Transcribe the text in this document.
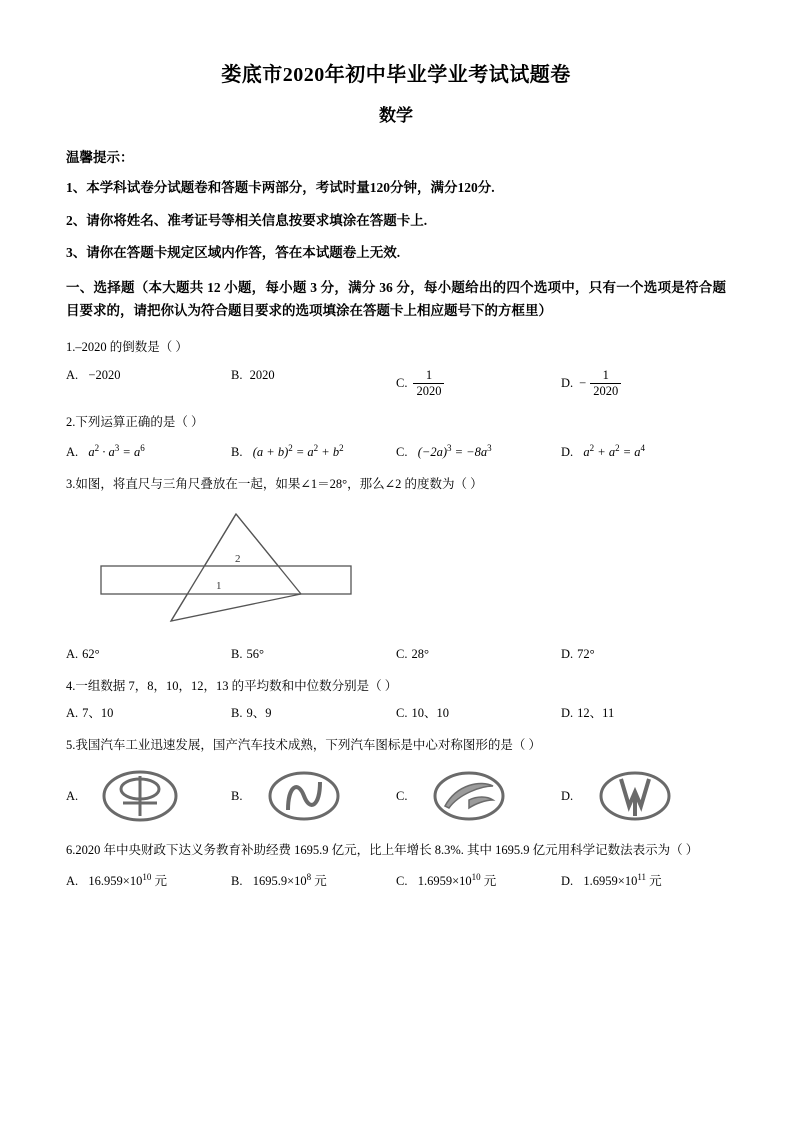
娄底市2020年初中毕业学业考试试题卷
数学

温馨提示：

1、本学科试卷分试题卷和答题卡两部分，考试时量120分钟，满分120分.

2、请你将姓名、准考证号等相关信息按要求填涂在答题卡上.

3、请你在答题卡规定区域内作答，答在本试题卷上无效.

一、选择题（本大题共 12 小题，每小题 3 分，满分 36 分，每小题给出的四个选项中，只有一个选项是符合题目要求的，请把你认为符合题目要求的选项填涂在答题卡上相应题号下的方框里）

1.–2020 的倒数是（ ）

A.  −2020	B. 2020
C. $\frac{1}{2020}$	D. − $\frac{1}{2020}$

2.下列运算正确的是（ ）

A.  $a^2 \cdot a^3 = a^6$	B.  $(a + b)^2 = a^2 + b^2$	C.  $(-2a)^3 = -8a^3$	D.  $a^2 + a^2 = a^4$

3.如图，将直尺与三角尺叠放在一起，如果∠1＝28°，那么∠2 的度数为（ ）

2
1
A. 62°	B. 56°	C. 28°	D. 72°

4.一组数据 7，8，10，12，13 的平均数和中位数分别是（ ）

A. 7、10	B. 9、9	C. 10、10	D. 12、11

5.我国汽车工业迅速发展，国产汽车技术成熟，下列汽车图标是中心对称图形的是（ ）

A.	B.	C.	D.

6.2020 年中央财政下达义务教育补助经费 1695.9 亿元，比上年增长 8.3%. 其中 1695.9 亿元用科学记数法表示为（ ）

A.  $16.959\times 10^{10}$ 元	B.  $1695.9\times 10^8$ 元	C.  $1.6959\times 10^{10}$ 元	D.  $1.6959\times 10^{11}$ 元
